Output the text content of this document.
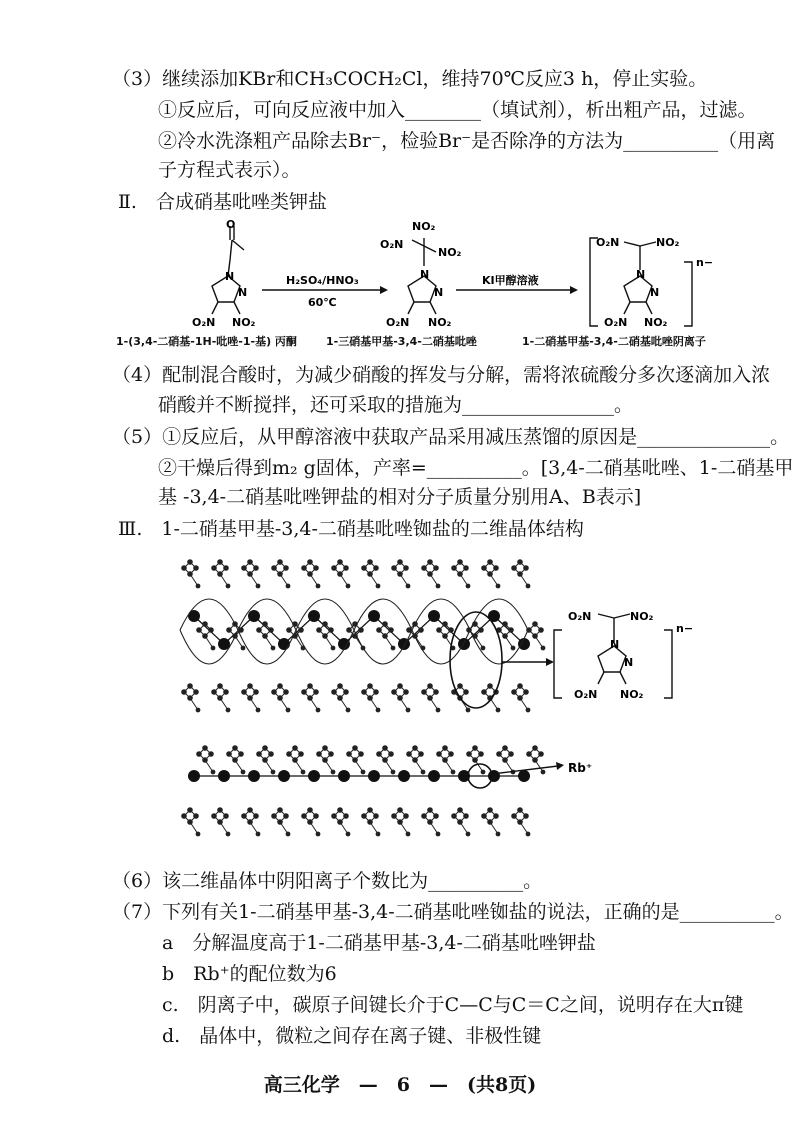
（3）继续添加KBr和CH₃COCH₂Cl，维持70℃反应3 h，停止实验。
①反应后，可向反应液中加入________（填试剂），析出粗产品，过滤。
②冷水洗涤粗产品除去Br⁻，检验Br⁻是否除净的方法为__________（用离
子方程式表示）。
Ⅱ.　合成硝基吡唑类钾盐
N
N
O
O₂N NO₂
H₂SO₄/HNO₃
60℃
NO₂
O₂N
NO₂
N
N
O₂N NO₂
KI甲醇溶液
O₂N	NO₂
N
N
O₂N NO₂
n−
1-(3,4-二硝基-1H-吡唑-1-基) 丙酮	1-三硝基甲基-3,4-二硝基吡唑	1-二硝基甲基-3,4-二硝基吡唑阴离子
（4）配制混合酸时，为减少硝酸的挥发与分解，需将浓硫酸分多次逐滴加入浓
硝酸并不断搅拌，还可采取的措施为________________。
（5）①反应后，从甲醇溶液中获取产品采用减压蒸馏的原因是______________。
②干燥后得到m₂ g固体，产率=__________。[3,4-二硝基吡唑、1-二硝基甲
基 -3,4-二硝基吡唑钾盐的相对分子质量分别用A、B表示]
Ⅲ.　1-二硝基甲基-3,4-二硝基吡唑铷盐的二维晶体结构
Rb⁺
O₂N	NO₂
N
N
O₂N NO₂
n−
（6）该二维晶体中阴阳离子个数比为__________。
（7）下列有关1-二硝基甲基-3,4-二硝基吡唑铷盐的说法，正确的是__________。
a　分解温度高于1-二硝基甲基-3,4-二硝基吡唑钾盐
b　Rb⁺的配位数为6
c.　阴离子中，碳原子间键长介于C—C与C＝C之间，说明存在大π键
d.　晶体中，微粒之间存在离子键、非极性键
高三化学　—　6　—　(共8页)
